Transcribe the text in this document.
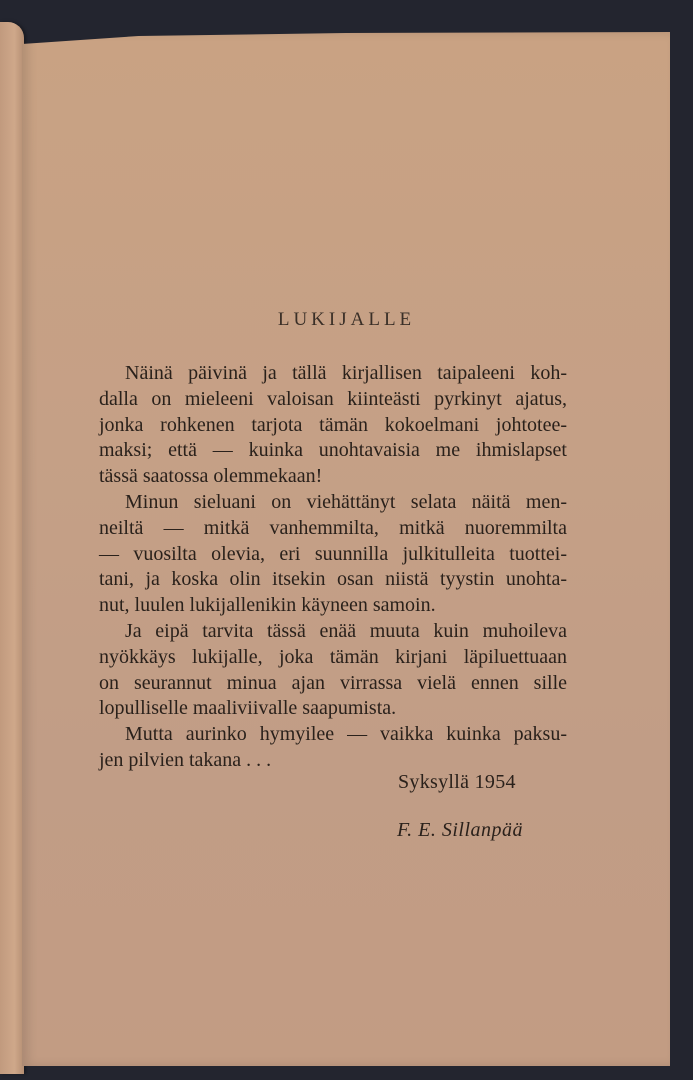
LUKIJALLE

Näinä päivinä ja tällä kirjallisen taipaleeni koh-
dalla on mieleeni valoisan kiinteästi pyrkinyt ajatus,
jonka rohkenen tarjota tämän kokoelmani johtotee-
maksi; että — kuinka unohtavaisia me ihmislapset
tässä saatossa olemmekaan!

Minun sieluani on viehättänyt selata näitä men-
neiltä — mitkä vanhemmilta, mitkä nuoremmilta
— vuosilta olevia, eri suunnilla julkitulleita tuottei-
tani, ja koska olin itsekin osan niistä tyystin unohta-
nut, luulen lukijallenikin käyneen samoin.

Ja eipä tarvita tässä enää muuta kuin muhoileva
nyökkäys lukijalle, joka tämän kirjani läpiluettuaan
on seurannut minua ajan virrassa vielä ennen sille
lopulliselle maaliviivalle saapumista.

Mutta aurinko hymyilee — vaikka kuinka paksu-
jen pilvien takana . . .

Syksyllä 1954
F. E. Sillanpää
